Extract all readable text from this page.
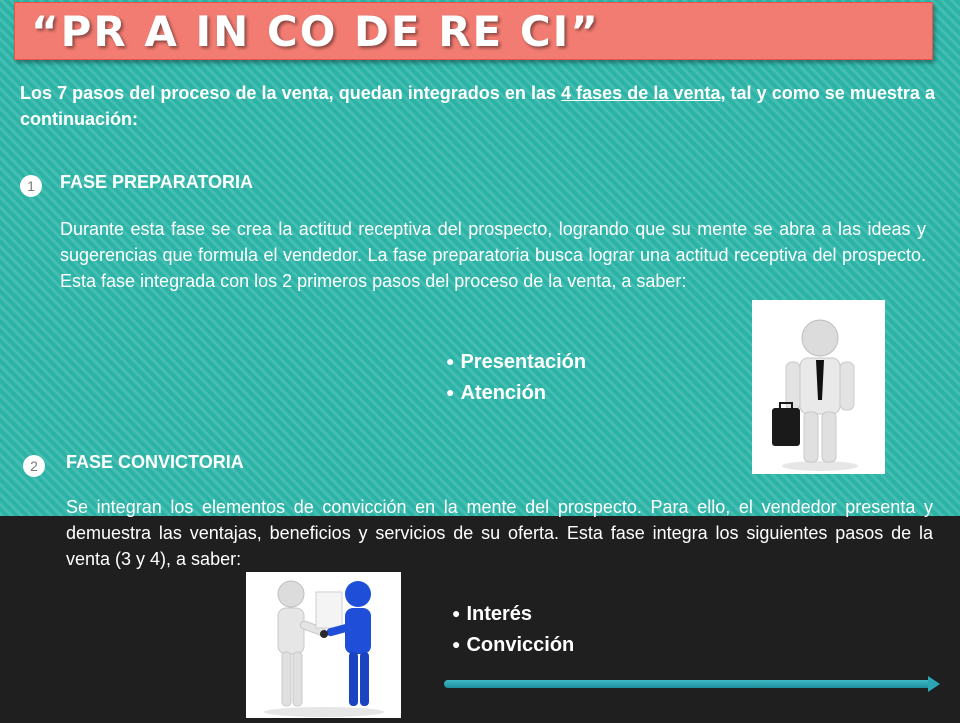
“PR A IN CO DE RE CI”
Los 7 pasos del proceso de la venta, quedan integrados en las 4 fases de la venta, tal y como se muestra a continuación:
1	FASE PREPARATORIA
Durante esta fase se crea la actitud receptiva del prospecto, logrando que su mente se abra a las ideas y sugerencias que formula el vendedor. La fase preparatoria busca lograr una actitud receptiva del prospecto. Esta fase integrada con los 2 primeros pasos del proceso de la venta, a saber:
● Presentación
● Atención
2	FASE CONVICTORIA
Se integran los elementos de convicción en la mente del prospecto. Para ello, el vendedor presenta y demuestra las ventajas, beneficios y servicios de su oferta. Esta fase integra los siguientes pasos de la venta (3 y 4), a saber:
● Interés
● Convicción
